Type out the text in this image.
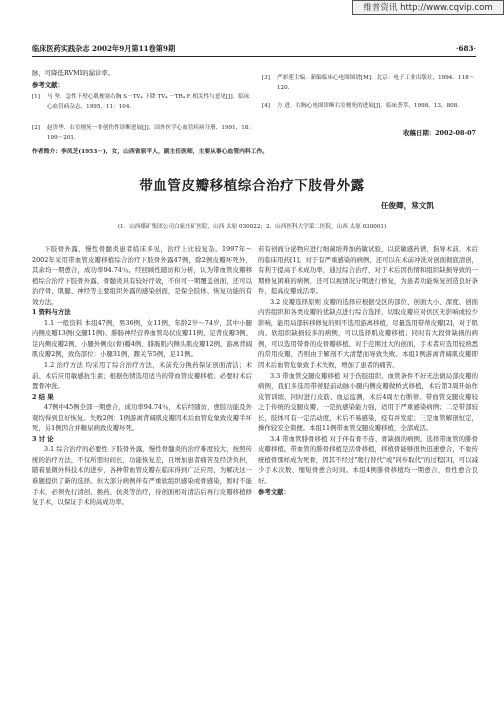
维普资讯 http://www.cqvip.com
临床医药实践杂志 2002年9月第11卷第9期	·683·
脉，可降低RVMI的漏诊率。
参考文献：
[1]	马 坚．急性下壁心肌梗塞右胸 S－TV₄ 下降 TV₄ －TR₄ F 相关性与意见[J]．临床心血管病杂志，1995，11：104．
[2]	赵贵华．右室梗死一非创伤性诊断进展[J]．国外医学心血管疾病分册，1991，18：199～201．
[3]	严彩莲主编．新编临床心电图图谱[M]．北京：电子工业出版社，1994．118～120．
[4]	方 进．右胸心电图诊断右室梗死的进展[J]．临床荟萃，1998，13，808．
收稿日期：2002-08-07
作者简介：李凤芝(1953－)，女，山西省原平人，副主任医师，主要从事心血管内科工作。
带血管皮瓣移植综合治疗下肢骨外露
任俊卿，常文凯
(1．山西煤矿集团公司白家庄矿医院，山西 太原 030022；2．山西医科大学第二医院，山西 太原 030001)

下肢骨外露，慢性骨髓炎患者临床多见，治疗上比较复杂。1997年～2002年采用带血管皮瓣移植综合治疗下肢骨外露47例，除2例皮瓣坏死外，其余均一期愈合，成功率94.74％。经回顾性随访和分析，认为带血管皮瓣移植综合治疗下肢骨外露、骨髓炎具有较好疗效，不但可一期覆盖创面，还可以治疗骨、肌腱、神经等主要组织外露的感染创面，是保全肢体、恢复功能的有效方法。

1 资料与方法

1.1 一般资料 本组47例，男36例，女11例，年龄2岁～74岁，其中小腿内侧皮瓣13例(交腿11例)、腓肠神经营养血管岛状皮瓣11例、足背皮瓣3例、足内侧皮瓣2例、小腿外侧皮(骨)瓣4例、腓肠肌内侧头肌皮瓣12例、游离背阔肌皮瓣2例，致伤部位：小腿31例，踝关节5例，足11例。

1.2 治疗方法 均采用了综合治疗方法，术前充分换药保证创面清洁；术前、术后应用敏感抗生素；根据伤情选用适当的带血管皮瓣移植；必要时术后置骨冲洗。

2 结 果

47例中45例全部一期愈合，成功率94.74％，术后经随访，愈肢功能及外观均得到良好恢复。失败2例：1例游离背阔肌皮瓣因术后血管危象致皮瓣半坏死，另1例因合并糖尿病致皮瓣坏死。

3 讨 论

3.1 综合治疗的必要性 下肢骨外露，慢性骨髓炎的治疗难度较大，按照传统的治疗方法，不仅所需时间长，功能恢复差，且增加患者痛苦及经济负担，随着显微外科技术的进步，各种带血管皮瓣在临床得到广泛应用，为解决这一难题提供了新的选择。但大部分病例伴有严重软组织感染或骨感染，暂时不能手术，必须先行清创、换药、抗炎等治疗，待创面相对清洁后再行皮瓣移植修复手术，以保证手术的高成功率。

若有创面分泌物应进行细菌培养加药敏试验，以获敏感药谱，指导术前、术后的临床用药[1]。对于有严重感染的病例，还可以在术前冲洗对创面彻底清创，有利于提高手术成功率，通过综合治疗，对于术后因伤情和组织缺损导致的一期修复困难的病例，还可以视情况分期进行修复，为患者功能恢复创造良好条件，提高皮瓣成活率。

3.2 皮瓣选择原则 皮瓣的选择应根据受区的部位、创面大小、深度、创面内容组织和各类皮瓣的优缺点进行综合选择，切取皮瓣应对供区无影响或较少影响，能用局部转移修复的则不选用游离移植，尽量选用带蒂皮瓣[2]，对于肌肉、软组织缺损较多的病例，可以选择肌皮瓣移植；同时有大段骨缺损的病例，可以选用带骨的皮骨瓣移植。对于范围过大的创面，手术者应选用较熟悉的常用皮瓣，否则由于解剖不大清楚而导致失败。本组1例游离背阔肌皮瓣即因术后血管危象致手术失败，增加了患者的痛苦。

3.3 带血管交腿皮瓣移植 对于伤肢组织、血管条件不好无法做局部皮瓣的病例，我们多选用带蒂胫前动脉小腿内侧皮瓣做桥式移植，术后第3周开始作皮管训练，同时进行皮筋、血运监测，术后4周左右断蒂。带血管交腿皮瓣较之于传统的交腿皮瓣，一是抗感染能力强，适用于严重感染病例；二是带部较长，肢体可有一定活动度，术后不易感染，疫有并发症；三是血管解剖恒定，操作较安全简便。本组11例带血管交腿皮瓣移植，全部成活。

3.4 带血管腓骨移植 对于伴有骨不连、骨缺损的病例，选择带血管的腓骨皮瓣移植。带血管的腓骨移植是活骨移植，移植骨能够很快迅速愈合，不象传统植骨那样成为死骨，因其不经过"爬行替代"或"同步取代"的过程[3]，可以减少手术次数、缩短骨愈合时间。本组4例腓骨移植均一期愈合，骨性愈合良好。

参考文献：
